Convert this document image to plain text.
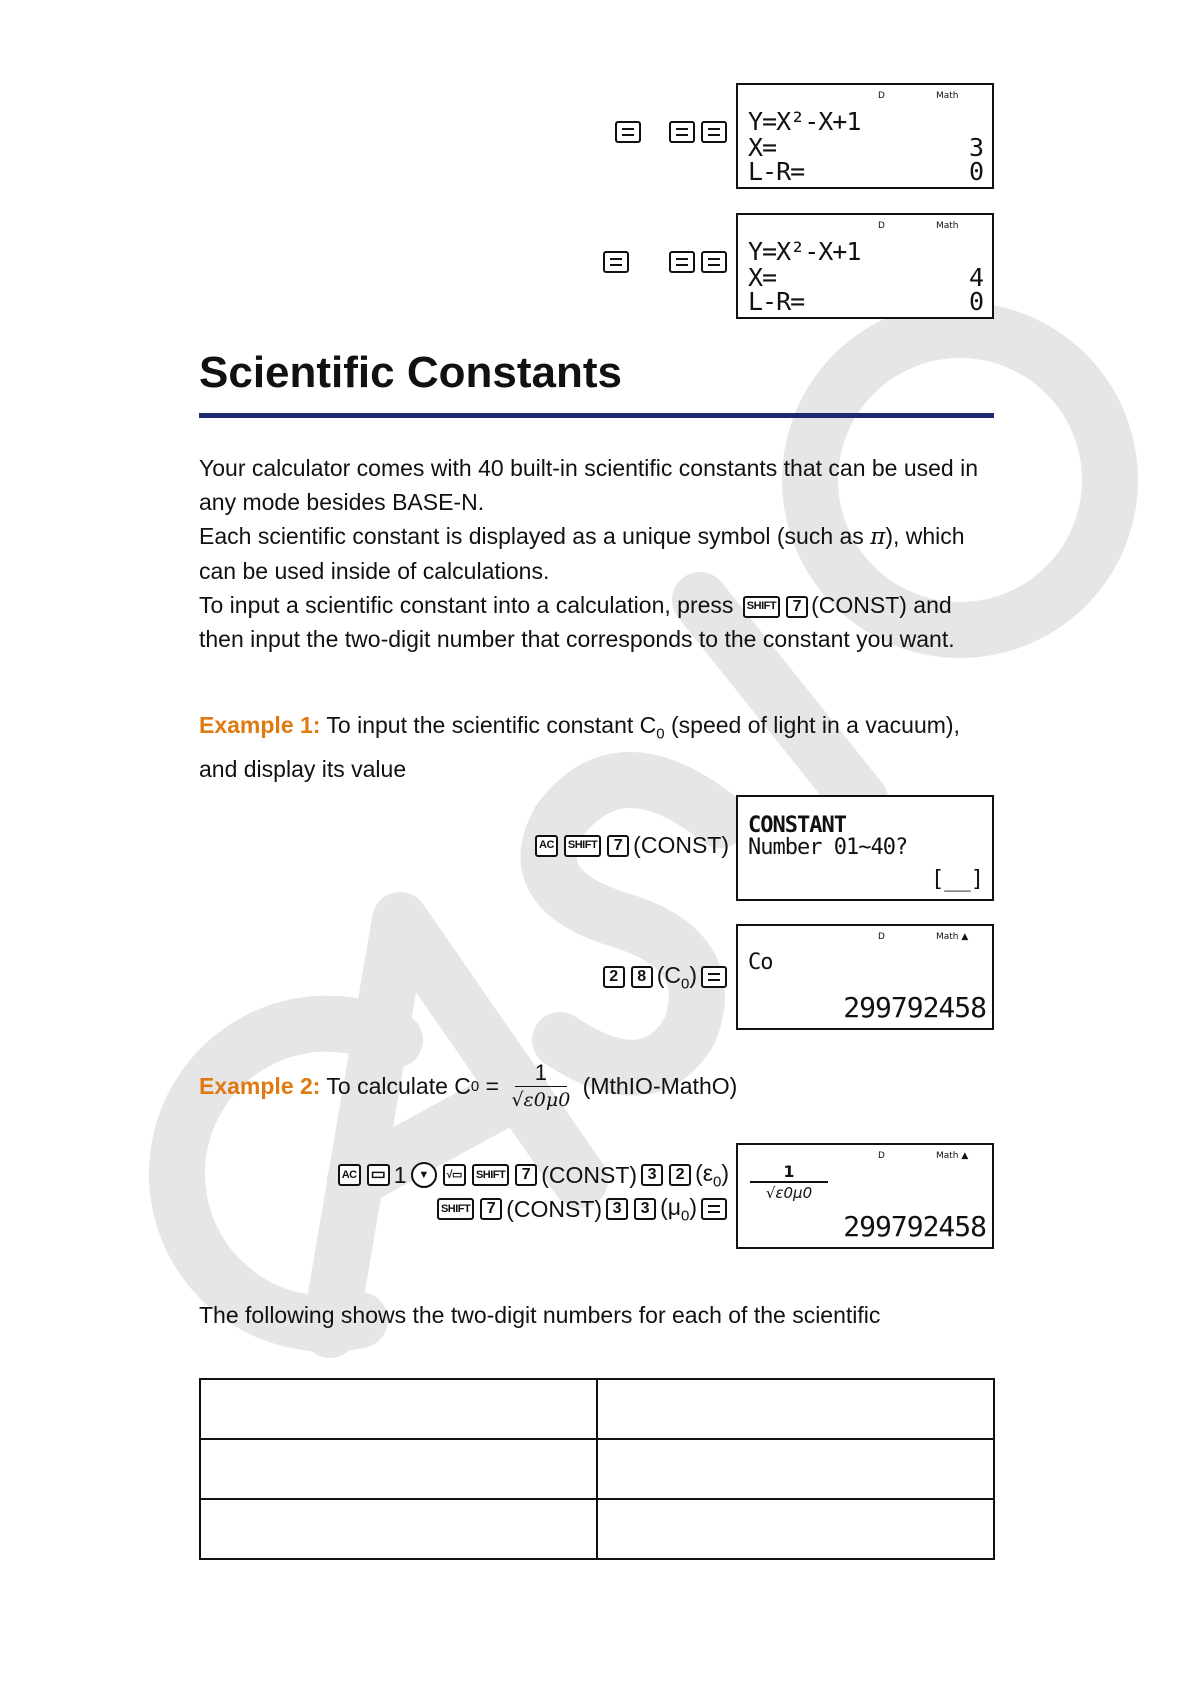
D	Math
Y=X²-X+1
X=	3
L-R=	0
D	Math
Y=X²-X+1
X=	4
L-R=	0
Scientific Constants

Your calculator comes with 40 built-in scientific constants that can be used in any mode besides BASE-N.
Each scientific constant is displayed as a unique symbol (such as π), which can be used inside of calculations.
To input a scientific constant into a calculation, press SHIFT 7 (CONST) and then input the two-digit number that corresponds to the constant you want.

Example 1: To input the scientific constant $C_0$ (speed of light in a vacuum), and display its value

AC	SHIFT	7 (CONST)
CONSTANT
Number 01~40?
[__]
2	8 $(C_0)$
D	Math ▲
Co
299792458
Example 2: To calculate C $0 = \frac{1}{√\varepsilon 0\mu 0}$ (MthIO-MathO)
AC ▭ 1	▼	√▭	SHIFT	7 (CONST) 3	2 $(\varepsilon_0)$
SHIFT	7 (CONST) 3	3 $(\mu_0)$
D	Math ▲
1
√ε0μ0
299792458

The following shows the two-digit numbers for each of the scientific
